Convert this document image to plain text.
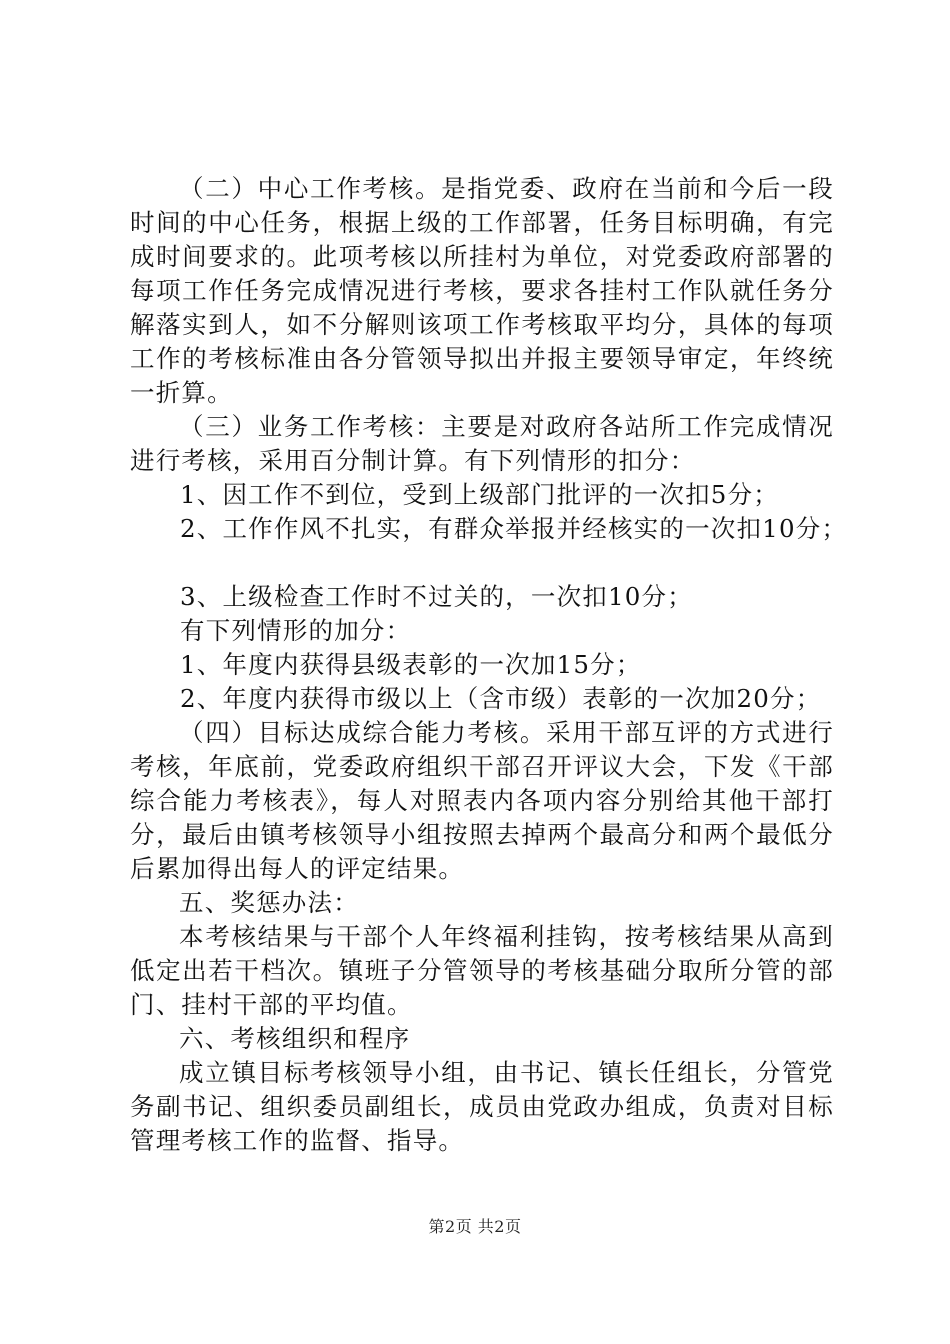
（二）中心工作考核。是指党委、政府在当前和今后一段时间的中心任务，根据上级的工作部署，任务目标明确，有完成时间要求的。此项考核以所挂村为单位，对党委政府部署的每项工作任务完成情况进行考核，要求各挂村工作队就任务分解落实到人，如不分解则该项工作考核取平均分，具体的每项工作的考核标准由各分管领导拟出并报主要领导审定，年终统一折算。

（三）业务工作考核：主要是对政府各站所工作完成情况进行考核，采用百分制计算。有下列情形的扣分：

1、因工作不到位，受到上级部门批评的一次扣5分；

2、工作作风不扎实，有群众举报并经核实的一次扣10分；

3、上级检查工作时不过关的，一次扣10分；

有下列情形的加分：

1、年度内获得县级表彰的一次加15分；

2、年度内获得市级以上（含市级）表彰的一次加20分；

（四）目标达成综合能力考核。采用干部互评的方式进行考核，年底前，党委政府组织干部召开评议大会，下发《干部综合能力考核表》，每人对照表内各项内容分别给其他干部打分，最后由镇考核领导小组按照去掉两个最高分和两个最低分后累加得出每人的评定结果。

五、奖惩办法：

本考核结果与干部个人年终福利挂钩，按考核结果从高到低定出若干档次。镇班子分管领导的考核基础分取所分管的部门、挂村干部的平均值。

六、考核组织和程序

成立镇目标考核领导小组，由书记、镇长任组长，分管党务副书记、组织委员副组长，成员由党政办组成，负责对目标管理考核工作的监督、指导。

第2页 共2页
